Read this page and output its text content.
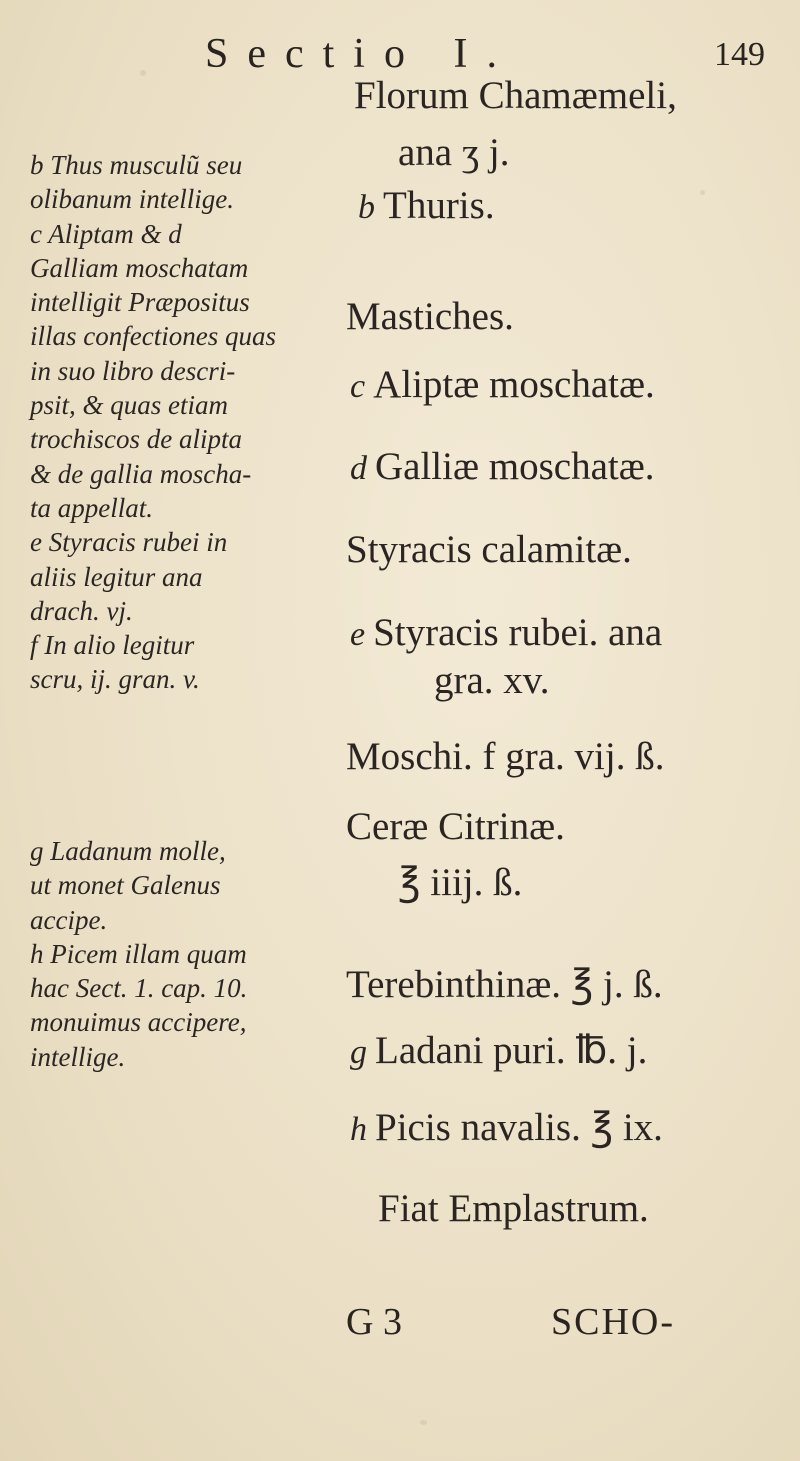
Sectio I.	149
b Thus musculũ seu
olibanum intellige.
c Aliptam & d
Galliam moschatam
intelligit Præpositus
illas confectiones quas
in suo libro descri-
psit, & quas etiam
trochiscos de alipta
& de gallia moscha-
ta appellat.
e Styracis rubei in
aliis legitur ana
drach. vj.
f In alio legitur
scru, ij. gran. v.
g Ladanum molle,
ut monet Galenus
accipe.
h Picem illam quam
hac Sect. 1. cap. 10.
monuimus accipere,
intellige.
Florum Chamæmeli,
ana ʒ j.
b Thuris.
Mastiches.
c Aliptæ moschatæ.
d Galliæ moschatæ.
Styracis calamitæ.
e Styracis rubei. ana
gra. xv.
Moschi. f gra. vij. ß.
Ceræ Citrinæ.
℥ iiij. ß.
Terebinthinæ. ℥ j. ß.
g Ladani puri. ℔. j.
h Picis navalis. ℥ ix.
Fiat Emplastrum.
G 3	SCHO-
